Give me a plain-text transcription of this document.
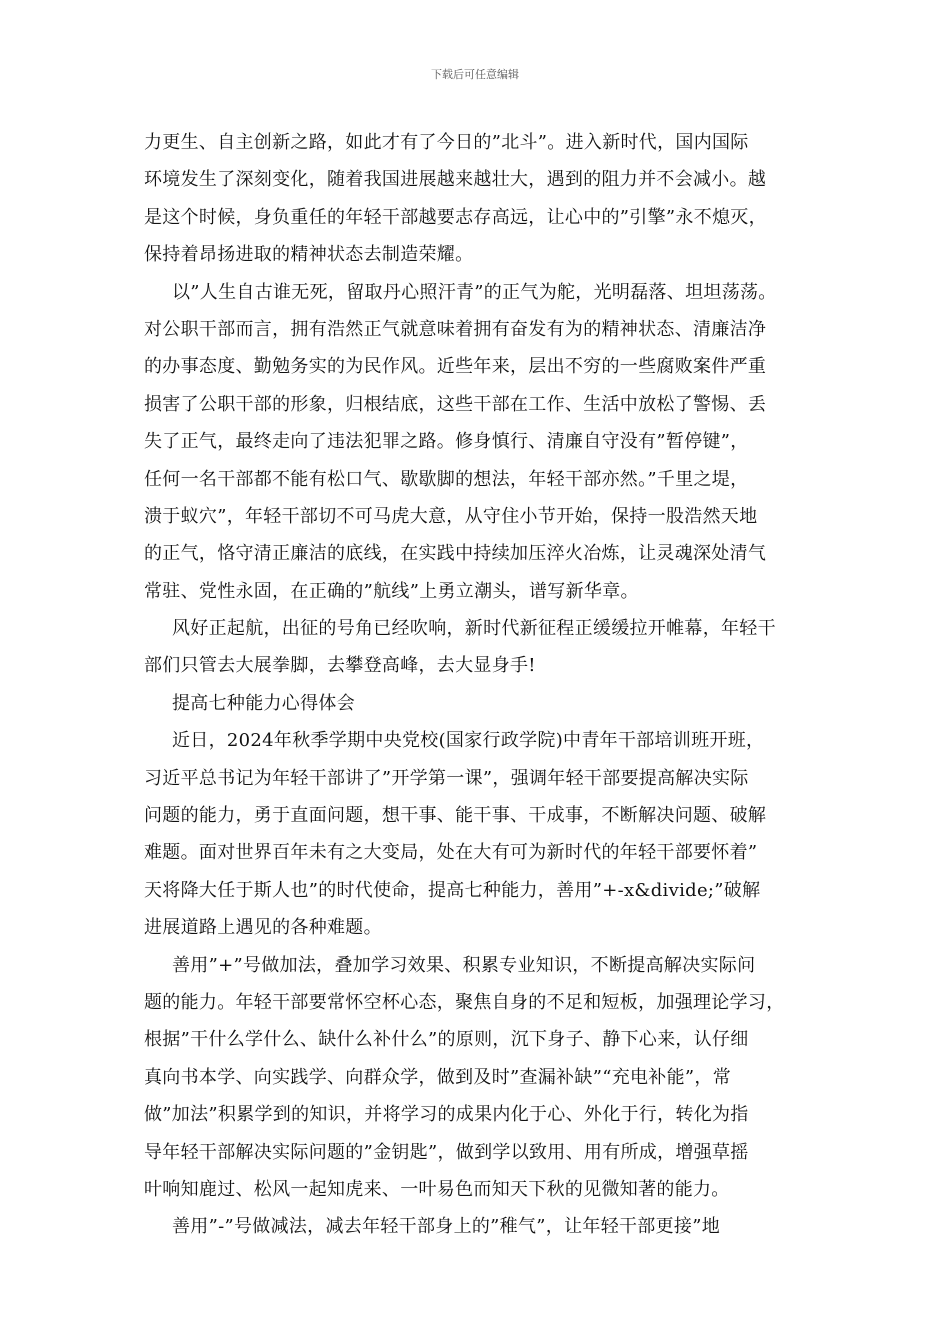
下载后可任意编辑
力更生、自主创新之路，如此才有了今日的”北斗”。进入新时代，国内国际
环境发生了深刻变化，随着我国进展越来越壮大，遇到的阻力并不会减小。越
是这个时候，身负重任的年轻干部越要志存高远，让心中的”引擎”永不熄灭，
保持着昂扬进取的精神状态去制造荣耀。
以”人生自古谁无死，留取丹心照汗青”的正气为舵，光明磊落、坦坦荡荡。
对公职干部而言，拥有浩然正气就意味着拥有奋发有为的精神状态、清廉洁净
的办事态度、勤勉务实的为民作风。近些年来，层出不穷的一些腐败案件严重
损害了公职干部的形象，归根结底，这些干部在工作、生活中放松了警惕、丢
失了正气，最终走向了违法犯罪之路。修身慎行、清廉自守没有”暂停键”，
任何一名干部都不能有松口气、歇歇脚的想法，年轻干部亦然。”千里之堤，
溃于蚁穴”，年轻干部切不可马虎大意，从守住小节开始，保持一股浩然天地
的正气，恪守清正廉洁的底线，在实践中持续加压淬火冶炼，让灵魂深处清气
常驻、党性永固，在正确的”航线”上勇立潮头，谱写新华章。
风好正起航，出征的号角已经吹响，新时代新征程正缓缓拉开帷幕，年轻干
部们只管去大展拳脚，去攀登高峰，去大显身手!
提高七种能力心得体会
近日，2024年秋季学期中央党校(国家行政学院)中青年干部培训班开班，
习近平总书记为年轻干部讲了”开学第一课”，强调年轻干部要提高解决实际
问题的能力，勇于直面问题，想干事、能干事、干成事，不断解决问题、破解
难题。面对世界百年未有之大变局，处在大有可为新时代的年轻干部要怀着”
天将降大任于斯人也”的时代使命，提高七种能力，善用”+-x&divide;”破解
进展道路上遇见的各种难题。
善用”+”号做加法，叠加学习效果、积累专业知识，不断提高解决实际问
题的能力。年轻干部要常怀空杯心态，聚焦自身的不足和短板，加强理论学习，
根据”干什么学什么、缺什么补什么”的原则，沉下身子、静下心来，认仔细
真向书本学、向实践学、向群众学，做到及时”查漏补缺”“充电补能”，常
做”加法”积累学到的知识，并将学习的成果内化于心、外化于行，转化为指
导年轻干部解决实际问题的”金钥匙”，做到学以致用、用有所成，增强草摇
叶响知鹿过、松风一起知虎来、一叶易色而知天下秋的见微知著的能力。
善用”-”号做减法，减去年轻干部身上的”稚气”，让年轻干部更接”地
